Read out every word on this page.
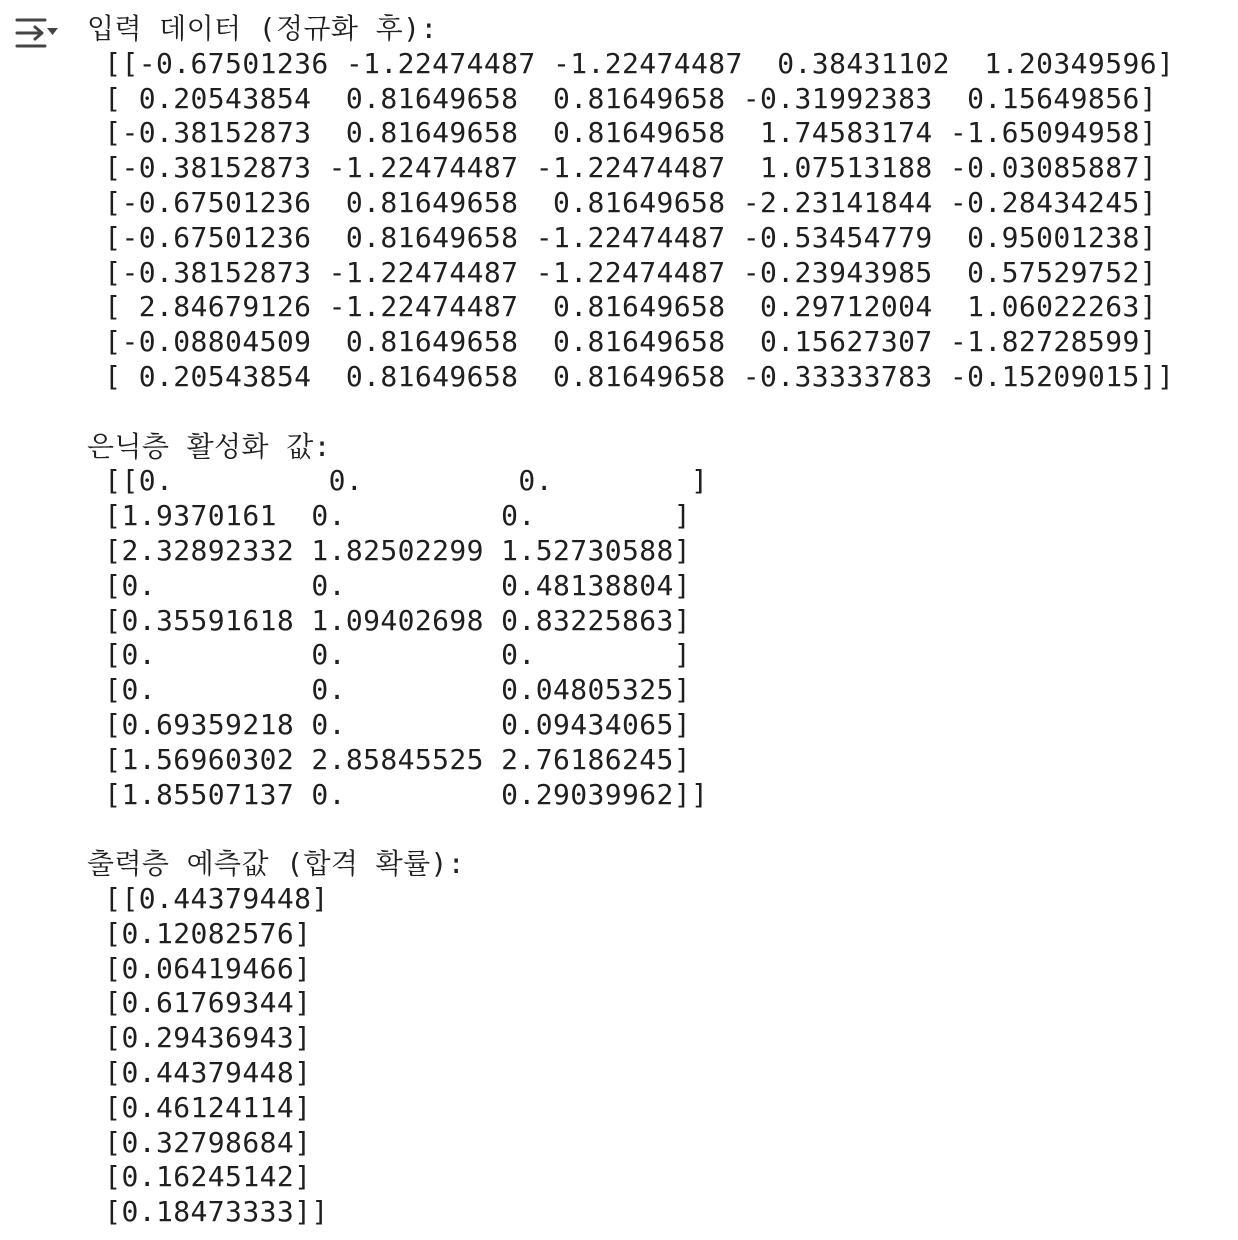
입력 데이터 (정규화 후):
[[-0.67501236 -1.22474487 -1.22474487  0.38431102  1.20349596]
[ 0.20543854  0.81649658  0.81649658 -0.31992383  0.15649856]
[-0.38152873  0.81649658  0.81649658  1.74583174 -1.65094958]
[-0.38152873 -1.22474487 -1.22474487  1.07513188 -0.03085887]
[-0.67501236  0.81649658  0.81649658 -2.23141844 -0.28434245]
[-0.67501236  0.81649658 -1.22474487 -0.53454779  0.95001238]
[-0.38152873 -1.22474487 -1.22474487 -0.23943985  0.57529752]
[ 2.84679126 -1.22474487  0.81649658  0.29712004  1.06022263]
[-0.08804509  0.81649658  0.81649658  0.15627307 -1.82728599]
[ 0.20543854  0.81649658  0.81649658 -0.33333783 -0.15209015]]
은닉층 활성화 값:
[[0.         0.         0.        ]
[1.9370161  0.         0.        ]
[2.32892332 1.82502299 1.52730588]
[0.         0.         0.48138804]
[0.35591618 1.09402698 0.83225863]
[0.         0.         0.        ]
[0.         0.         0.04805325]
[0.69359218 0.         0.09434065]
[1.56960302 2.85845525 2.76186245]
[1.85507137 0.         0.29039962]]
출력층 예측값 (합격 확률):
[[0.44379448]
[0.12082576]
[0.06419466]
[0.61769344]
[0.29436943]
[0.44379448]
[0.46124114]
[0.32798684]
[0.16245142]
[0.18473333]]
